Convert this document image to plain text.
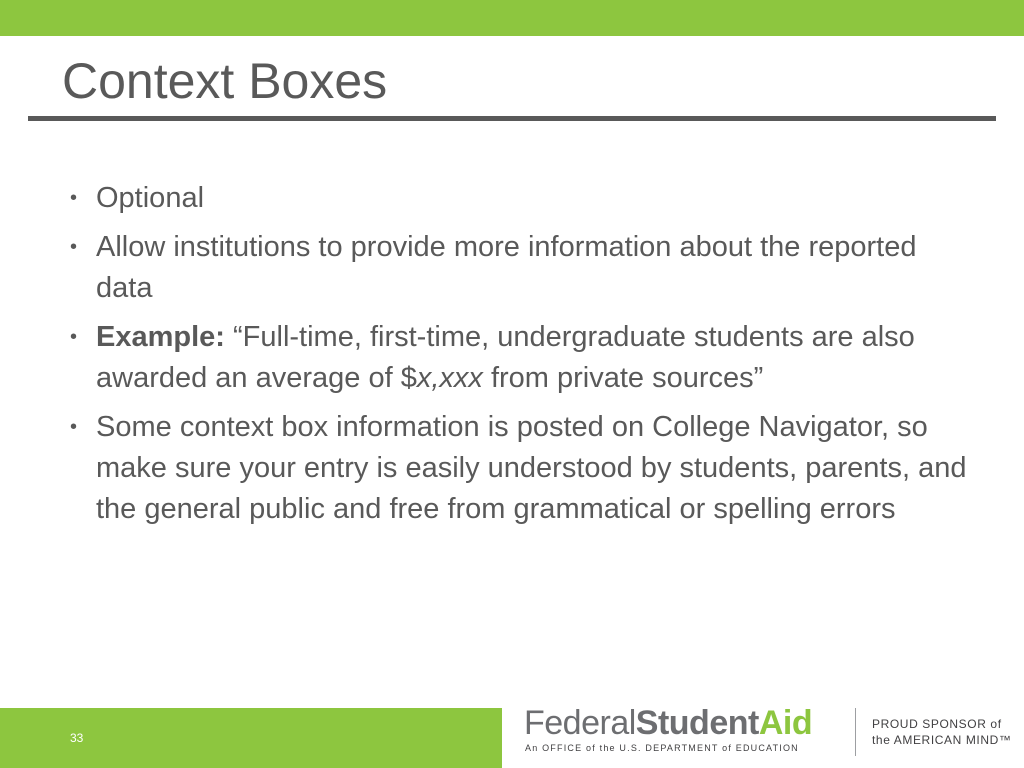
Context Boxes
• Optional
• Allow institutions to provide more information about the reported data
• Example: “Full-time, first-time, undergraduate students are also awarded an average of $x,xxx from private sources”
• Some context box information is posted on College Navigator, so make sure your entry is easily understood by students, parents, and the general public and free from grammatical or spelling errors
33	FederalStudentAid
An OFFICE of the U.S. DEPARTMENT of EDUCATION
PROUD SPONSOR of
the AMERICAN MIND™
